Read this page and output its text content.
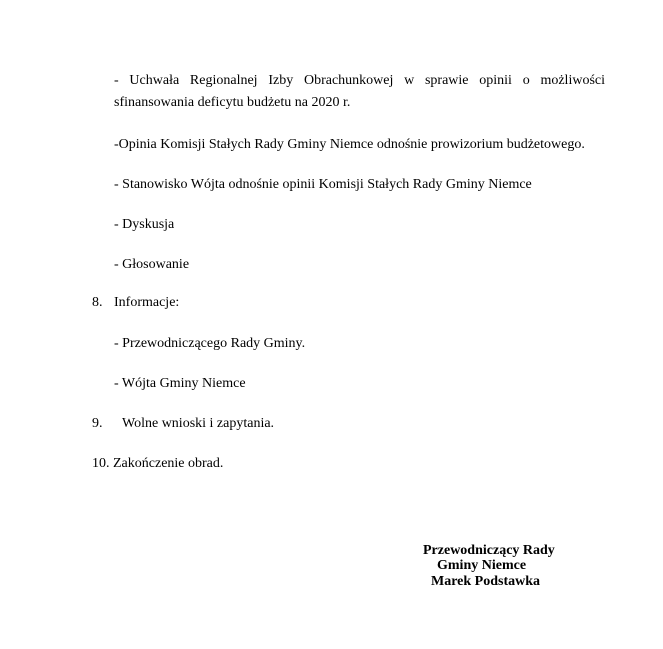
- Uchwała Regionalnej Izby Obrachunkowej w sprawie opinii o możliwości
sfinansowania deficytu budżetu na 2020 r.
-Opinia Komisji Stałych Rady Gminy Niemce odnośnie prowizorium budżetowego.
- Stanowisko Wójta odnośnie opinii Komisji Stałych Rady Gminy Niemce
- Dyskusja
- Głosowanie
8. Informacje:
- Przewodniczącego Rady Gminy.
- Wójta Gminy Niemce
9. Wolne wnioski i zapytania.
10. Zakończenie obrad.
Przewodniczący Rady
Gminy Niemce
Marek Podstawka
